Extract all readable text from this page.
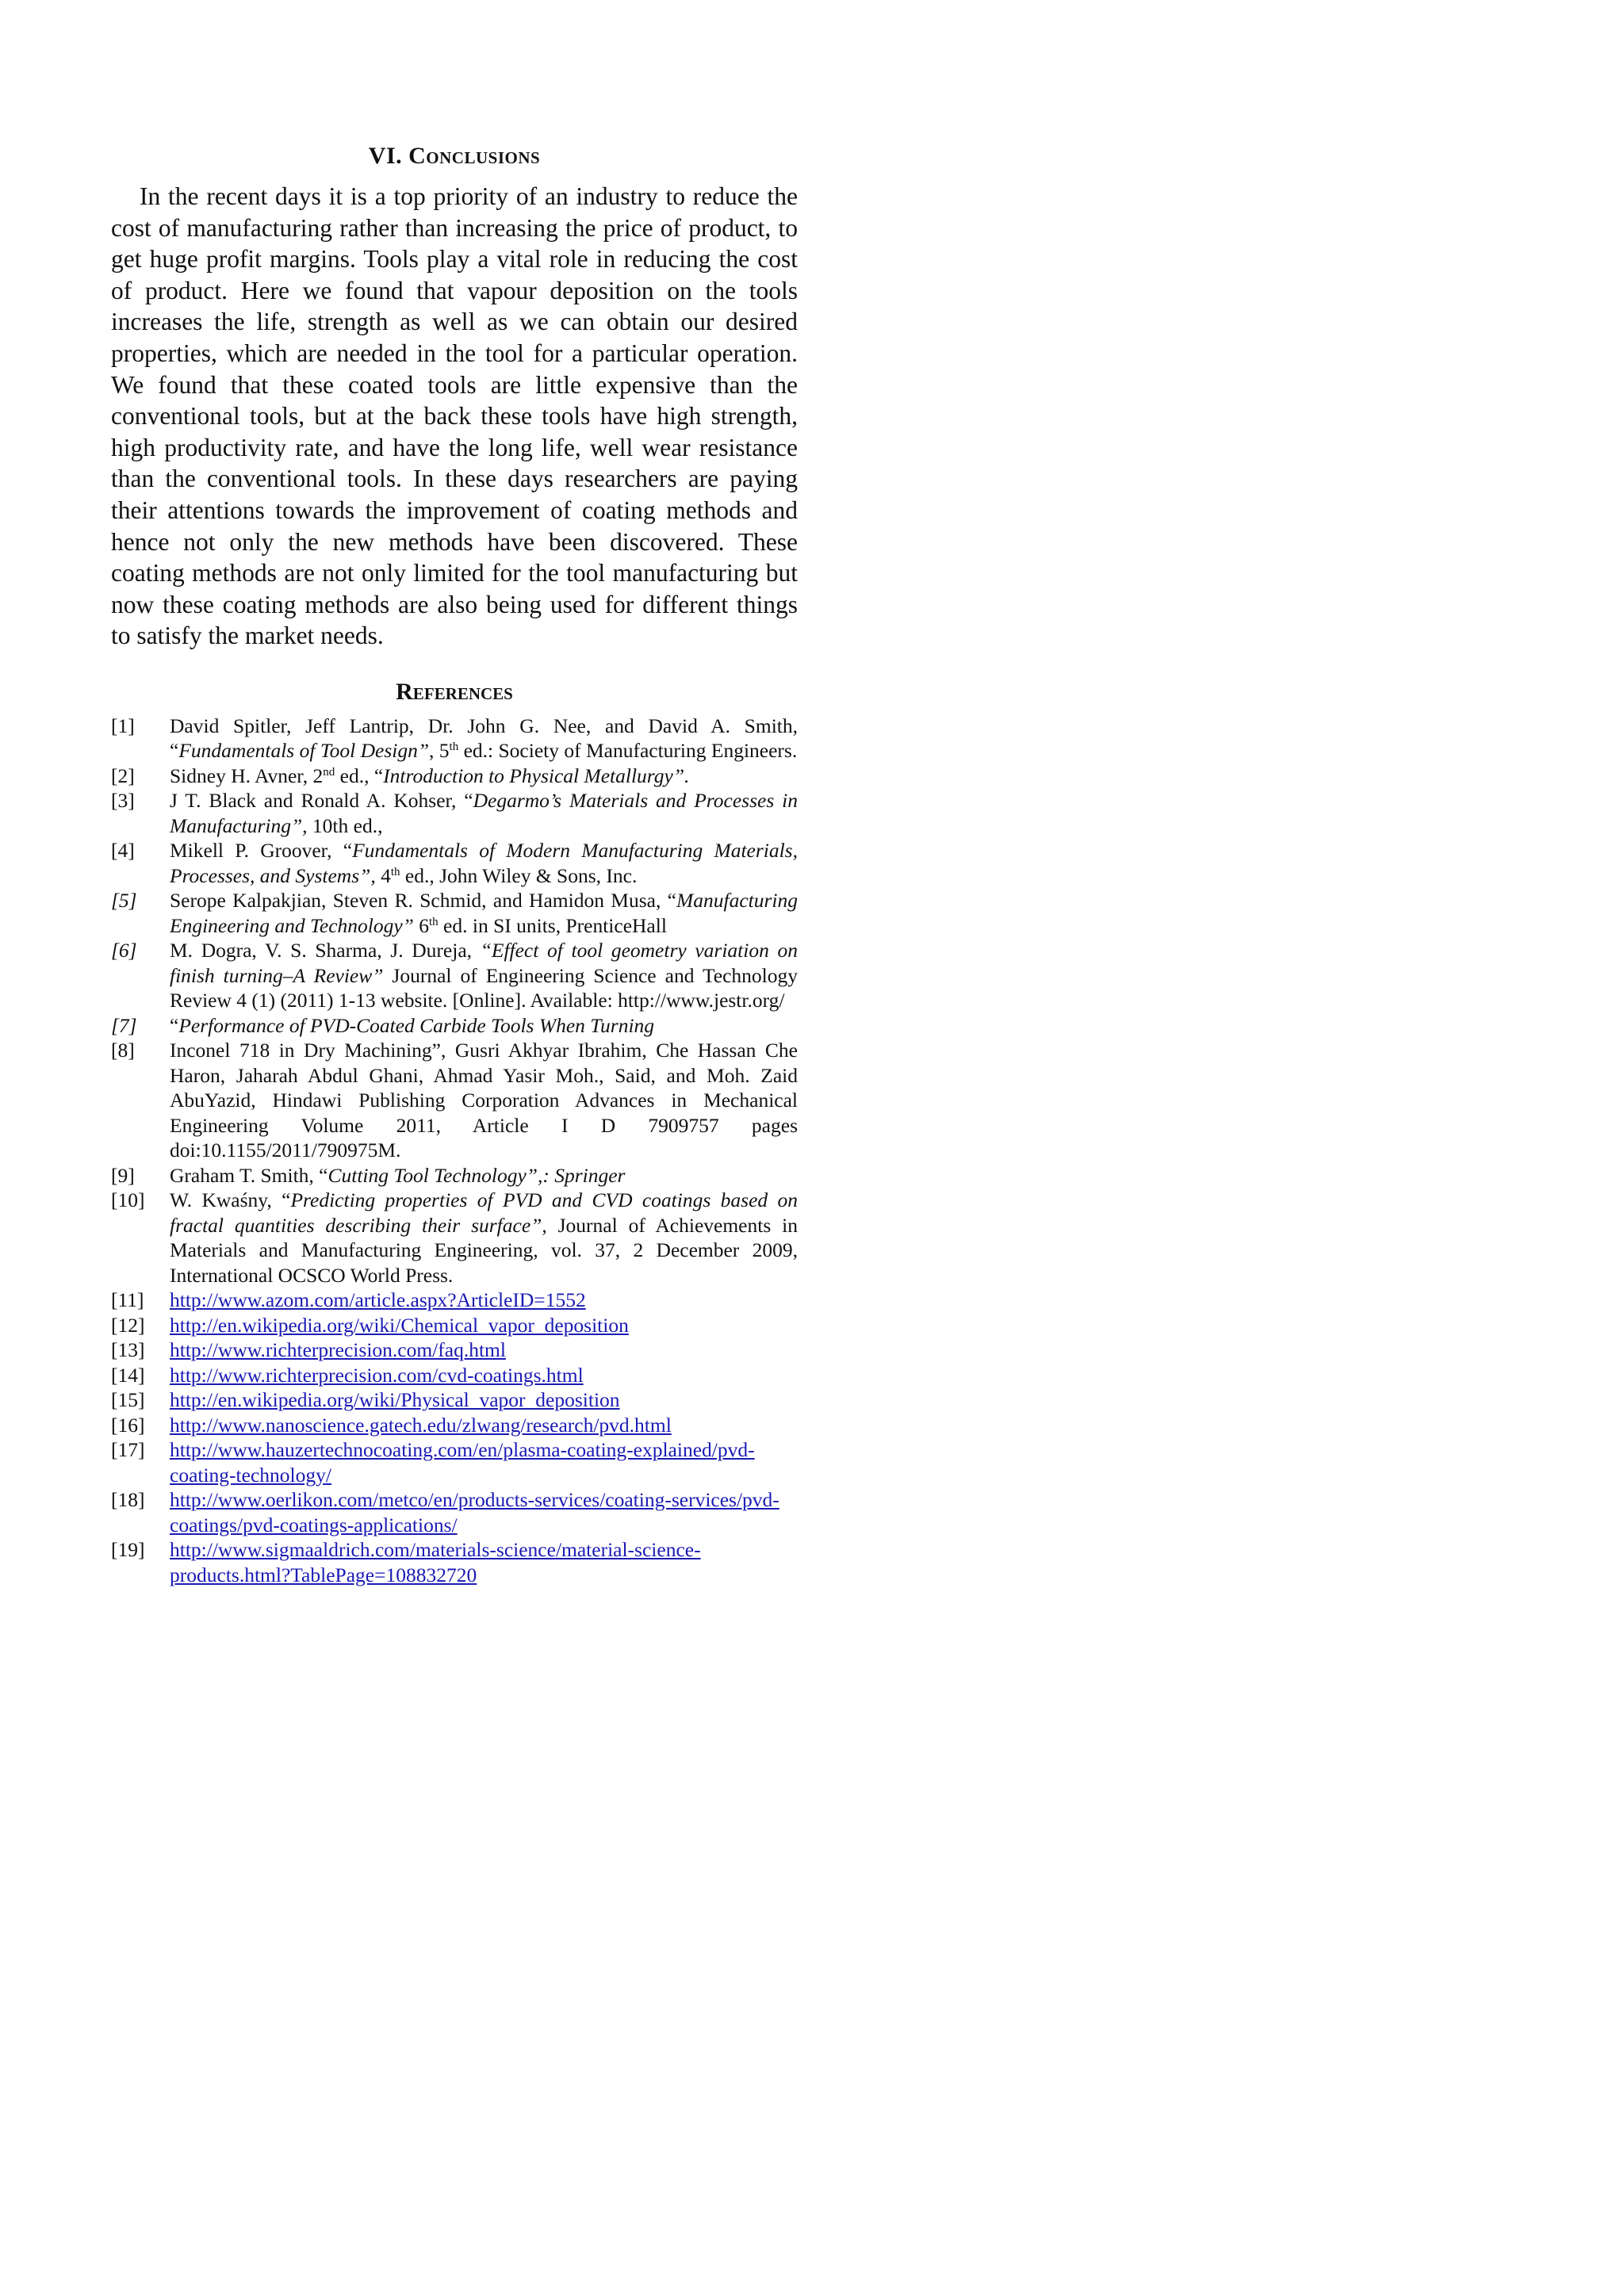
VI. Conclusions

In the recent days it is a top priority of an industry to reduce the cost of manufacturing rather than increasing the price of product, to get huge profit margins. Tools play a vital role in reducing the cost of product. Here we found that vapour deposition on the tools increases the life, strength as well as we can obtain our desired properties, which are needed in the tool for a particular operation. We found that these coated tools are little expensive than the conventional tools, but at the back these tools have high strength, high productivity rate, and have the long life, well wear resistance than the conventional tools. In these days researchers are paying their attentions towards the improvement of coating methods and hence not only the new methods have been discovered. These coating methods are not only limited for the tool manufacturing but now these coating methods are also being used for different things to satisfy the market needs.

References
[1]	David Spitler, Jeff Lantrip, Dr. John G. Nee, and David A. Smith, “Fundamentals of Tool Design”, 5th ed.: Society of Manufacturing Engineers.
[2]	Sidney H. Avner, 2nd ed., “Introduction to Physical Metallurgy”.
[3]	J T. Black and Ronald A. Kohser, “Degarmo’s Materials and Processes in Manufacturing”, 10th ed.,
[4]	Mikell P. Groover, “Fundamentals of Modern Manufacturing Materials, Processes, and Systems”, 4th ed., John Wiley & Sons, Inc.
[5]	Serope Kalpakjian, Steven R. Schmid, and Hamidon Musa, “Manufacturing Engineering and Technology” 6th ed. in SI units, PrenticeHall
[6]	M. Dogra, V. S. Sharma, J. Dureja, “Effect of tool geometry variation on finish turning–A Review” Journal of Engineering Science and Technology Review 4 (1) (2011) 1-13 website. [Online]. Available: http://www.jestr.org/
[7]	“Performance of PVD-Coated Carbide Tools When Turning
[8]	Inconel 718 in Dry Machining”, Gusri Akhyar Ibrahim, Che Hassan Che Haron, Jaharah Abdul Ghani, Ahmad Yasir Moh., Said, and Moh. Zaid AbuYazid, Hindawi Publishing Corporation Advances in Mechanical Engineering Volume 2011, Article I D 7909757 pages doi:10.1155/2011/790975M.
[9]	Graham T. Smith, “Cutting Tool Technology”,: Springer
[10]	W. Kwaśny, “Predicting properties of PVD and CVD coatings based on fractal quantities describing their surface”, Journal of Achievements in Materials and Manufacturing Engineering, vol. 37, 2 December 2009, International OCSCO World Press.
[11]	http://www.azom.com/article.aspx?ArticleID=1552
[12]	http://en.wikipedia.org/wiki/Chemical_vapor_deposition
[13]	http://www.richterprecision.com/faq.html
[14]	http://www.richterprecision.com/cvd-coatings.html
[15]	http://en.wikipedia.org/wiki/Physical_vapor_deposition
[16]	http://www.nanoscience.gatech.edu/zlwang/research/pvd.html
[17]	http://www.hauzertechnocoating.com/en/plasma-coating-explained/pvd-coating-technology/
[18]	http://www.oerlikon.com/metco/en/products-services/coating-services/pvd-coatings/pvd-coatings-applications/
[19]	http://www.sigmaaldrich.com/materials-science/material-science-products.html?TablePage=108832720
